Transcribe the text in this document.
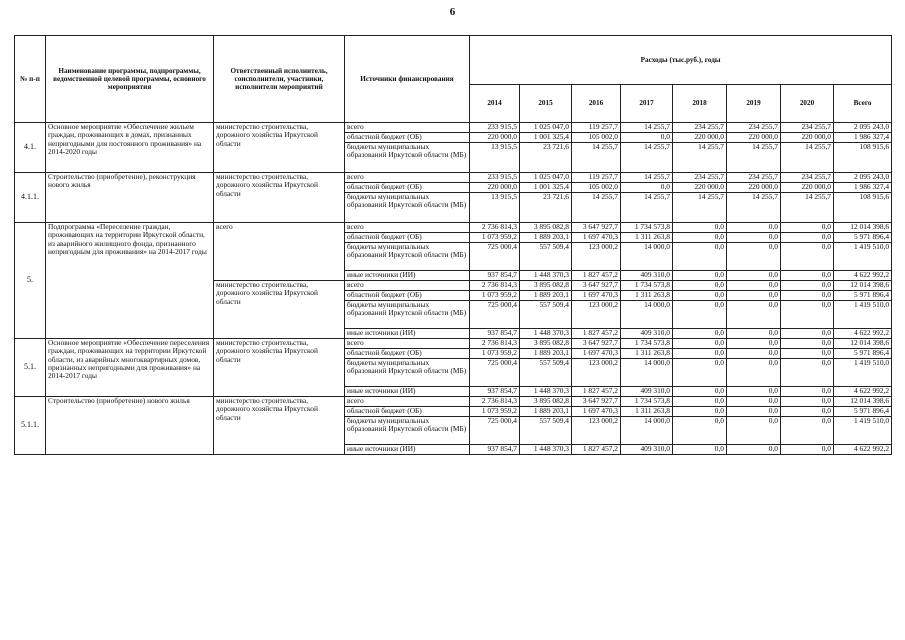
6
№ п-п	Наименование программы, подпрограммы, ведомственной целевой программы, основного мероприятия	Ответственный исполнитель, соисполнители, участники, исполнители мероприятий	Источники финансирования	Расходы (тыс.руб.), годы							
				2014	2015	2016	2017	2018	2019	2020	Всего
4.1.	Основное мероприятие «Обеспечение жильем граждан, проживающих в домах, признанных непригодными для постоянного проживания» на 2014-2020 годы	министерство строительства, дорожного хозяйства Иркутской области	всего	233 915,5	1 025 047,0	119 257,7	14 255,7	234 255,7	234 255,7	234 255,7	2 095 243,0
			областной бюджет (ОБ)	220 000,0	1 001 325,4	105 002,0	0,0	220 000,0	220 000,0	220 000,0	1 986 327,4
			бюджеты муниципальных образований Иркутской области (МБ)	13 915,5	23 721,6	14 255,7	14 255,7	14 255,7	14 255,7	14 255,7	108 915,6
4.1.1.	Строительство (приобретение), реконструкция нового жилья	министерство строительства, дорожного хозяйства Иркутской области	всего	233 915,5	1 025 047,0	119 257,7	14 255,7	234 255,7	234 255,7	234 255,7	2 095 243,0
			областной бюджет (ОБ)	220 000,0	1 001 325,4	105 002,0	0,0	220 000,0	220 000,0	220 000,0	1 986 327,4
			бюджеты муниципальных образований Иркутской области (МБ)	13 915,5	23 721,6	14 255,7	14 255,7	14 255,7	14 255,7	14 255,7	108 915,6
5.	Подпрограмма «Переселение граждан, проживающих на территории Иркутской области, из аварийного жилищного фонда, признанного непригодным для проживания» на 2014-2017 годы	всего	всего	2 736 814,3	3 895 082,8	3 647 927,7	1 734 573,8	0,0	0,0	0,0	12 014 398,6
			областной бюджет (ОБ)	1 073 959,2	1 889 203,1	1 697 470,3	1 311 263,8	0,0	0,0	0,0	5 971 896,4
			бюджеты муниципальных образований Иркутской области (МБ)	725 000,4	557 509,4	123 000,2	14 000,0	0,0	0,0	0,0	1 419 510,0
			иные источники (ИИ)	937 854,7	1 448 370,3	1 827 457,2	409 310,0	0,0	0,0	0,0	4 622 992,2
		министерство строительства, дорожного хозяйства Иркутской области	всего	2 736 814,3	3 895 082,8	3 647 927,7	1 734 573,8	0,0	0,0	0,0	12 014 398,6
			областной бюджет (ОБ)	1 073 959,2	1 889 203,1	1 697 470,3	1 311 263,8	0,0	0,0	0,0	5 971 896,4
			бюджеты муниципальных образований Иркутской области (МБ)	725 000,4	557 509,4	123 000,2	14 000,0	0,0	0,0	0,0	1 419 510,0
			иные источники (ИИ)	937 854,7	1 448 370,3	1 827 457,2	409 310,0	0,0	0,0	0,0	4 622 992,2
5.1.	Основное мероприятие «Обеспечение переселения граждан, проживающих на территории Иркутской области, из аварийных многоквартирных домов, признанных непригодными для проживания» на 2014-2017 годы	министерство строительства, дорожного хозяйства Иркутской области	всего	2 736 814,3	3 895 082,8	3 647 927,7	1 734 573,8	0,0	0,0	0,0	12 014 398,6
			областной бюджет (ОБ)	1 073 959,2	1 889 203,1	1 697 470,3	1 311 263,8	0,0	0,0	0,0	5 971 896,4
			бюджеты муниципальных образований Иркутской области (МБ)	725 000,4	557 509,4	123 000,2	14 000,0	0,0	0,0	0,0	1 419 510,0
			иные источники (ИИ)	937 854,7	1 448 370,3	1 827 457,2	409 310,0	0,0	0,0	0,0	4 622 992,2
5.1.1.	Строительство (приобретение) нового жилья	министерство строительства, дорожного хозяйства Иркутской области	всего	2 736 814,3	3 895 082,8	3 647 927,7	1 734 573,8	0,0	0,0	0,0	12 014 398,6
			областной бюджет (ОБ)	1 073 959,2	1 889 203,1	1 697 470,3	1 311 263,8	0,0	0,0	0,0	5 971 896,4
			бюджеты муниципальных образований Иркутской области (МБ)	725 000,4	557 509,4	123 000,2	14 000,0	0,0	0,0	0,0	1 419 510,0
			иные источники (ИИ)	937 854,7	1 448 370,3	1 827 457,2	409 310,0	0,0	0,0	0,0	4 622 992,2
